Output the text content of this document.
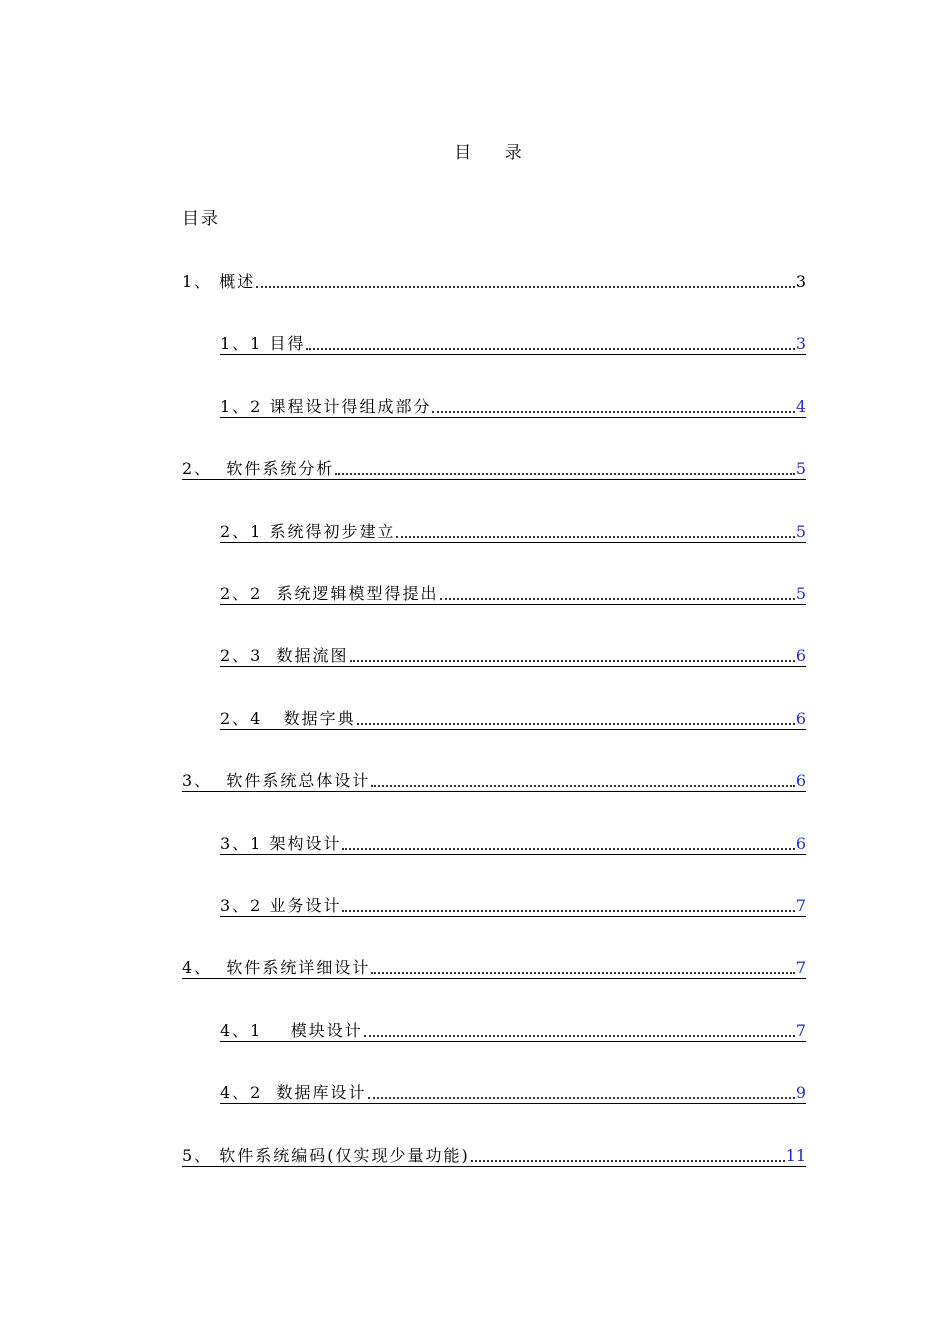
目 录
目录
1、 概述	3
1、1 目得	3
1、2 课程设计得组成部分	4
2、  软件系统分析	5
2、1 系统得初步建立	5
2、2  系统逻辑模型得提出	5
2、3  数据流图	6
2、4   数据字典	6
3、  软件系统总体设计	6
3、1 架构设计	6
3、2 业务设计	7
4、  软件系统详细设计	7
4、1    模块设计	7
4、2  数据库设计	9
5、 软件系统编码(仅实现少量功能)	11
